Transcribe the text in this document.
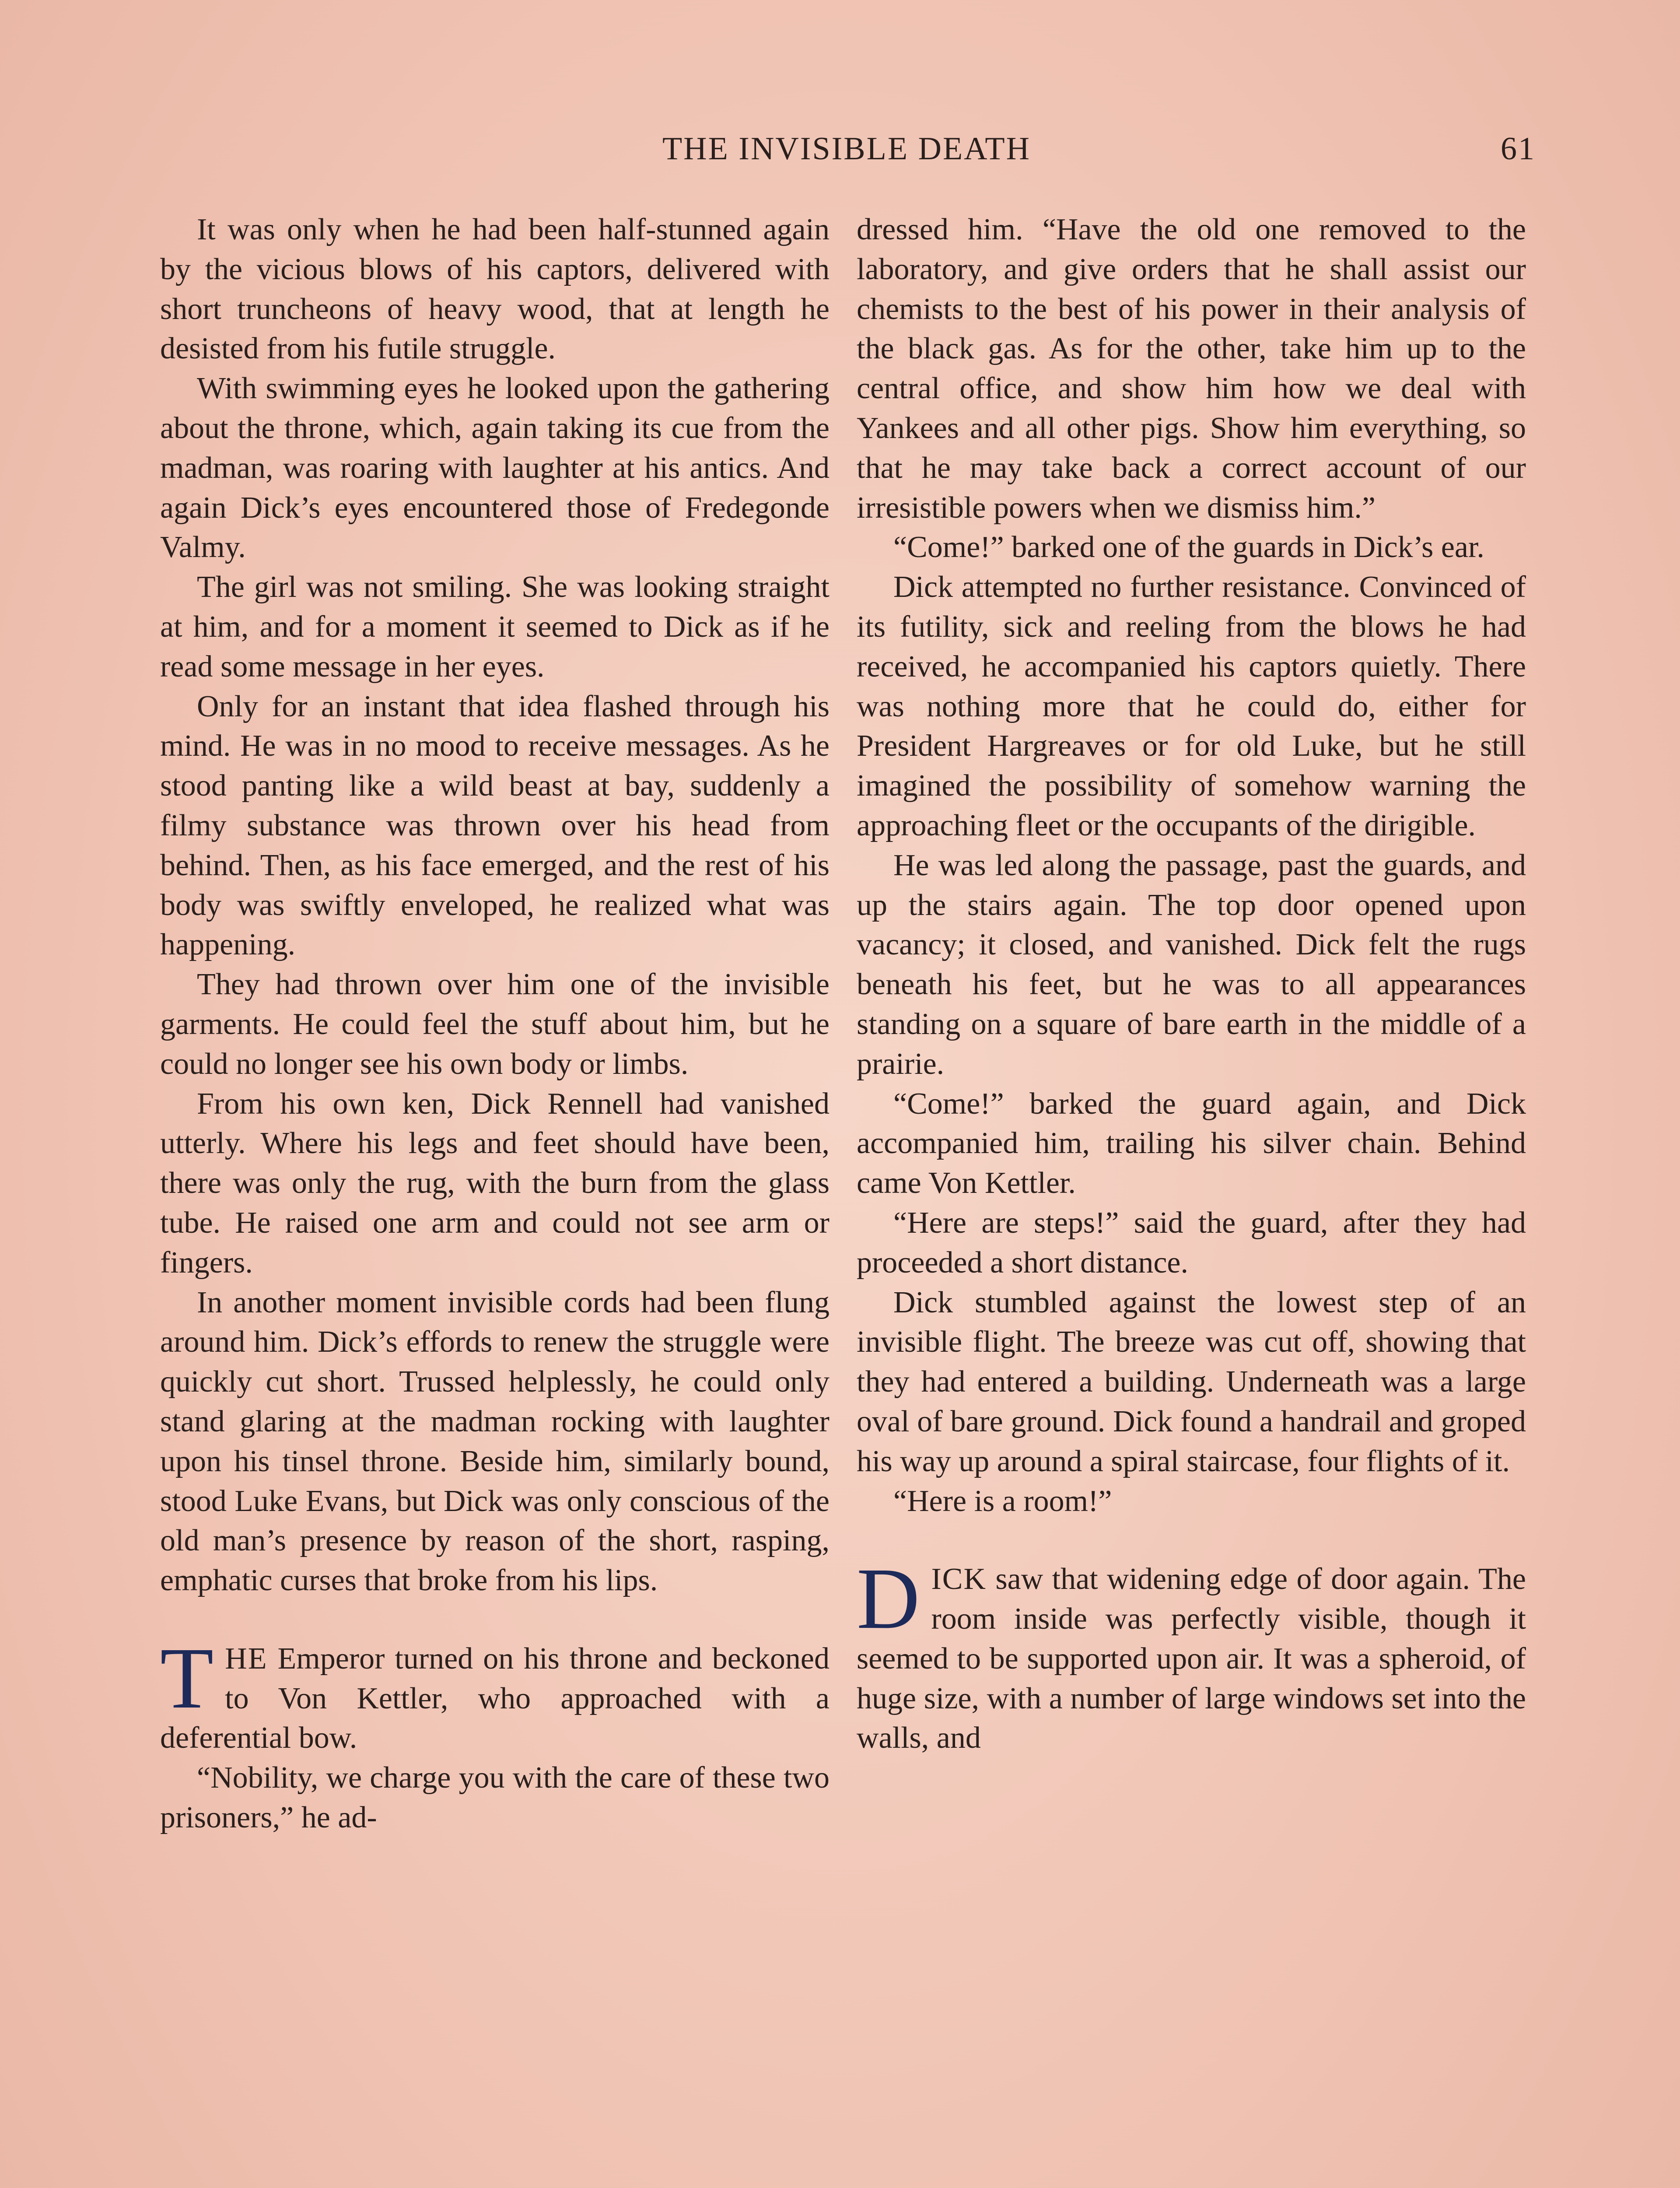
THE INVISIBLE DEATH	61

It was only when he had been half-stunned again by the vicious blows of his captors, delivered with short truncheons of heavy wood, that at length he desisted from his futile struggle.

With swimming eyes he looked upon the gathering about the throne, which, again taking its cue from the madman, was roaring with laughter at his antics. And again Dick’s eyes encountered those of Fredegonde Valmy.

The girl was not smiling. She was looking straight at him, and for a moment it seemed to Dick as if he read some message in her eyes.

Only for an instant that idea flashed through his mind. He was in no mood to receive messages. As he stood panting like a wild beast at bay, suddenly a filmy substance was thrown over his head from behind. Then, as his face emerged, and the rest of his body was swiftly enveloped, he realized what was happening.

They had thrown over him one of the invisible garments. He could feel the stuff about him, but he could no longer see his own body or limbs.

From his own ken, Dick Rennell had vanished utterly. Where his legs and feet should have been, there was only the rug, with the burn from the glass tube. He raised one arm and could not see arm or fingers.

In another moment invisible cords had been flung around him. Dick’s effords to renew the struggle were quickly cut short. Trussed helplessly, he could only stand glaring at the madman rocking with laughter upon his tinsel throne. Beside him, similarly bound, stood Luke Evans, but Dick was only conscious of the old man’s presence by reason of the short, rasping, emphatic curses that broke from his lips.

THE Emperor turned on his throne and beckoned to Von Kettler, who approached with a deferential bow.

“Nobility, we charge you with the care of these two prisoners,” he ad-

dressed him. “Have the old one removed to the laboratory, and give orders that he shall assist our chemists to the best of his power in their analysis of the black gas. As for the other, take him up to the central office, and show him how we deal with Yankees and all other pigs. Show him everything, so that he may take back a correct account of our irresistible powers when we dismiss him.”

“Come!” barked one of the guards in Dick’s ear.

Dick attempted no further resistance. Convinced of its futility, sick and reeling from the blows he had received, he accompanied his captors quietly. There was nothing more that he could do, either for President Hargreaves or for old Luke, but he still imagined the possibility of somehow warning the approaching fleet or the occupants of the dirigible.

He was led along the passage, past the guards, and up the stairs again. The top door opened upon vacancy; it closed, and vanished. Dick felt the rugs beneath his feet, but he was to all appearances standing on a square of bare earth in the middle of a prairie.

“Come!” barked the guard again, and Dick accompanied him, trailing his silver chain. Behind came Von Kettler.

“Here are steps!” said the guard, after they had proceeded a short distance.

Dick stumbled against the lowest step of an invisible flight. The breeze was cut off, showing that they had entered a building. Underneath was a large oval of bare ground. Dick found a handrail and groped his way up around a spiral staircase, four flights of it.

“Here is a room!”

DICK saw that widening edge of door again. The room inside was perfectly visible, though it seemed to be supported upon air. It was a spheroid, of huge size, with a number of large windows set into the walls, and
